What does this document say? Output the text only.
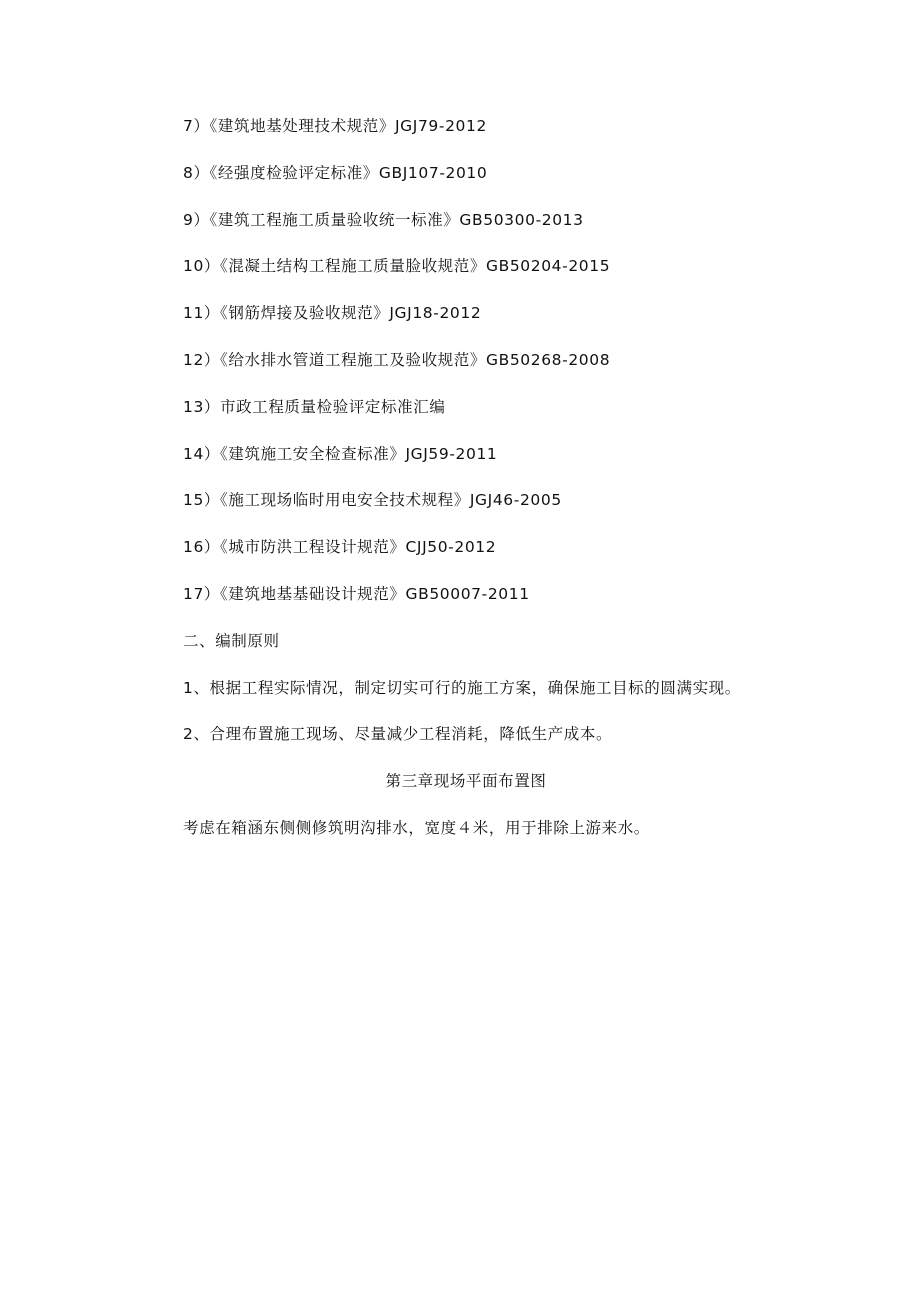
7）《建筑地基处理技术规范》JGJ79-2012
8）《经强度检验评定标准》GBJ107-2010
9）《建筑工程施工质量验收统一标准》GB50300-2013
10）《混凝土结构工程施工质量脸收规范》GB50204-2015
11）《钢筋焊接及验收规范》JGJ18-2012
12）《给水排水管道工程施工及验收规范》GB50268-2008
13）市政工程质量检验评定标准汇编
14）《建筑施工安全检查标准》JGJ59-2011
15）《施工现场临时用电安全技术规程》JGJ46-2005
16）《城市防洪工程设计规范》CJJ50-2012
17）《建筑地基基础设计规范》GB50007-2011
二、编制原则
1、根据工程实际情况，制定切实可行的施工方案，确保施工目标的圆满实现。
2、合理布置施工现场、尽量减少工程消耗，降低生产成本。
第三章现场平面布置图
考虑在箱涵东侧侧修筑明沟排水，宽度４米，用于排除上游来水。
